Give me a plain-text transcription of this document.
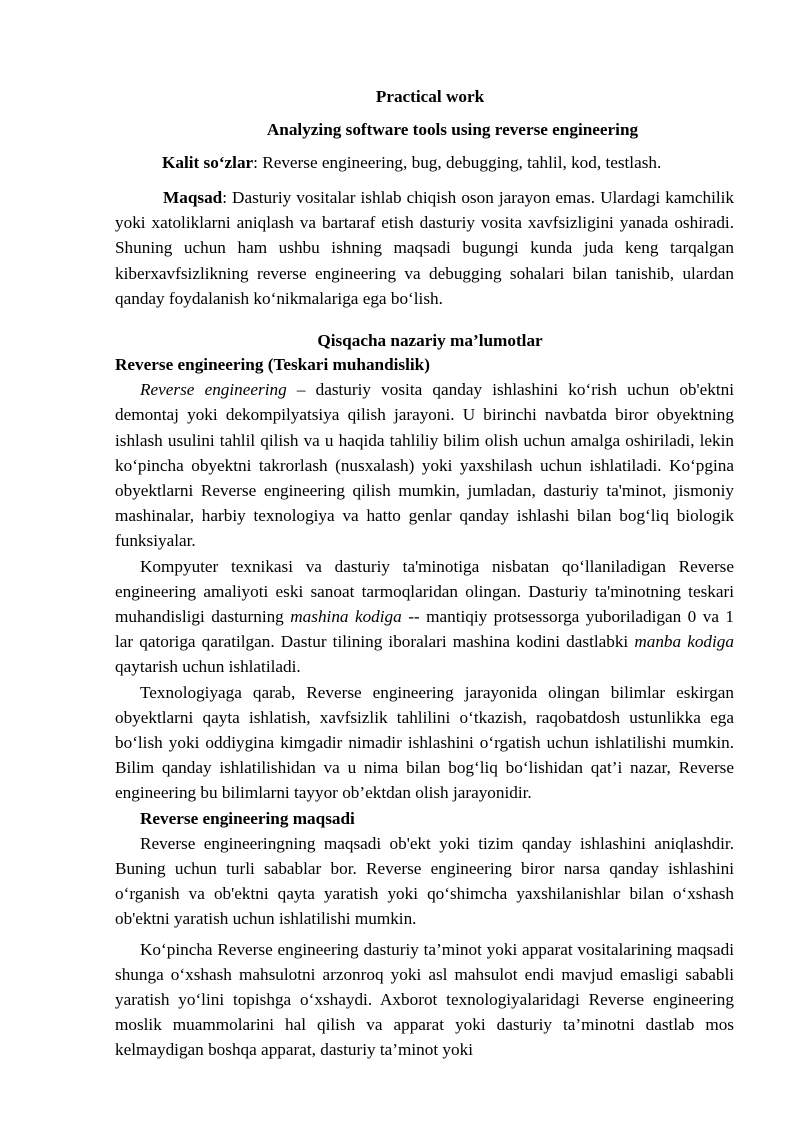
Practical work
Analyzing software tools using reverse engineering
Kalit so‘zlar: Reverse engineering, bug, debugging, tahlil, kod, testlash.

Maqsad: Dasturiy vositalar ishlab chiqish oson jarayon emas. Ulardagi kamchilik yoki xatoliklarni aniqlash va bartaraf etish dasturiy vosita xavfsizligini yanada oshiradi. Shuning uchun ham ushbu ishning maqsadi bugungi kunda juda keng tarqalgan kiberxavfsizlikning reverse engineering va debugging sohalari bilan tanishib, ulardan qanday foydalanish ko‘nikmalariga ega bo‘lish.

Qisqacha nazariy ma’lumotlar

Reverse engineering (Teskari muhandislik)

Reverse engineering – dasturiy vosita qanday ishlashini ko‘rish uchun ob'ektni demontaj yoki dekompilyatsiya qilish jarayoni. U birinchi navbatda biror obyektning ishlash usulini tahlil qilish va u haqida tahliliy bilim olish uchun amalga oshiriladi, lekin ko‘pincha obyektni takrorlash (nusxalash) yoki yaxshilash uchun ishlatiladi. Ko‘pgina obyektlarni Reverse engineering qilish mumkin, jumladan, dasturiy ta'minot, jismoniy mashinalar, harbiy texnologiya va hatto genlar qanday ishlashi bilan bog‘liq biologik funksiyalar.

Kompyuter texnikasi va dasturiy ta'minotiga nisbatan qo‘llaniladigan Reverse engineering amaliyoti eski sanoat tarmoqlaridan olingan. Dasturiy ta'minotning teskari muhandisligi dasturning mashina kodiga -- mantiqiy protsessorga yuboriladigan 0 va 1 lar qatoriga qaratilgan. Dastur tilining iboralari mashina kodini dastlabki manba kodiga qaytarish uchun ishlatiladi.

Texnologiyaga qarab, Reverse engineering jarayonida olingan bilimlar eskirgan obyektlarni qayta ishlatish, xavfsizlik tahlilini o‘tkazish, raqobatdosh ustunlikka ega bo‘lish yoki oddiygina kimgadir nimadir ishlashini o‘rgatish uchun ishlatilishi mumkin. Bilim qanday ishlatilishidan va u nima bilan bog‘liq bo‘lishidan qat’i nazar, Reverse engineering bu bilimlarni tayyor ob’ektdan olish jarayonidir.

Reverse engineering maqsadi

Reverse engineeringning maqsadi ob'ekt yoki tizim qanday ishlashini aniqlashdir. Buning uchun turli sabablar bor. Reverse engineering biror narsa qanday ishlashini o‘rganish va ob'ektni qayta yaratish yoki qo‘shimcha yaxshilanishlar bilan o‘xshash ob'ektni yaratish uchun ishlatilishi mumkin.

Ko‘pincha Reverse engineering dasturiy ta’minot yoki apparat vositalarining maqsadi shunga o‘xshash mahsulotni arzonroq yoki asl mahsulot endi mavjud emasligi sababli yaratish yo‘lini topishga o‘xshaydi. Axborot texnologiyalaridagi Reverse engineering moslik muammolarini hal qilish va apparat yoki dasturiy ta’minotni dastlab mos kelmaydigan boshqa apparat, dasturiy ta’minot yoki
